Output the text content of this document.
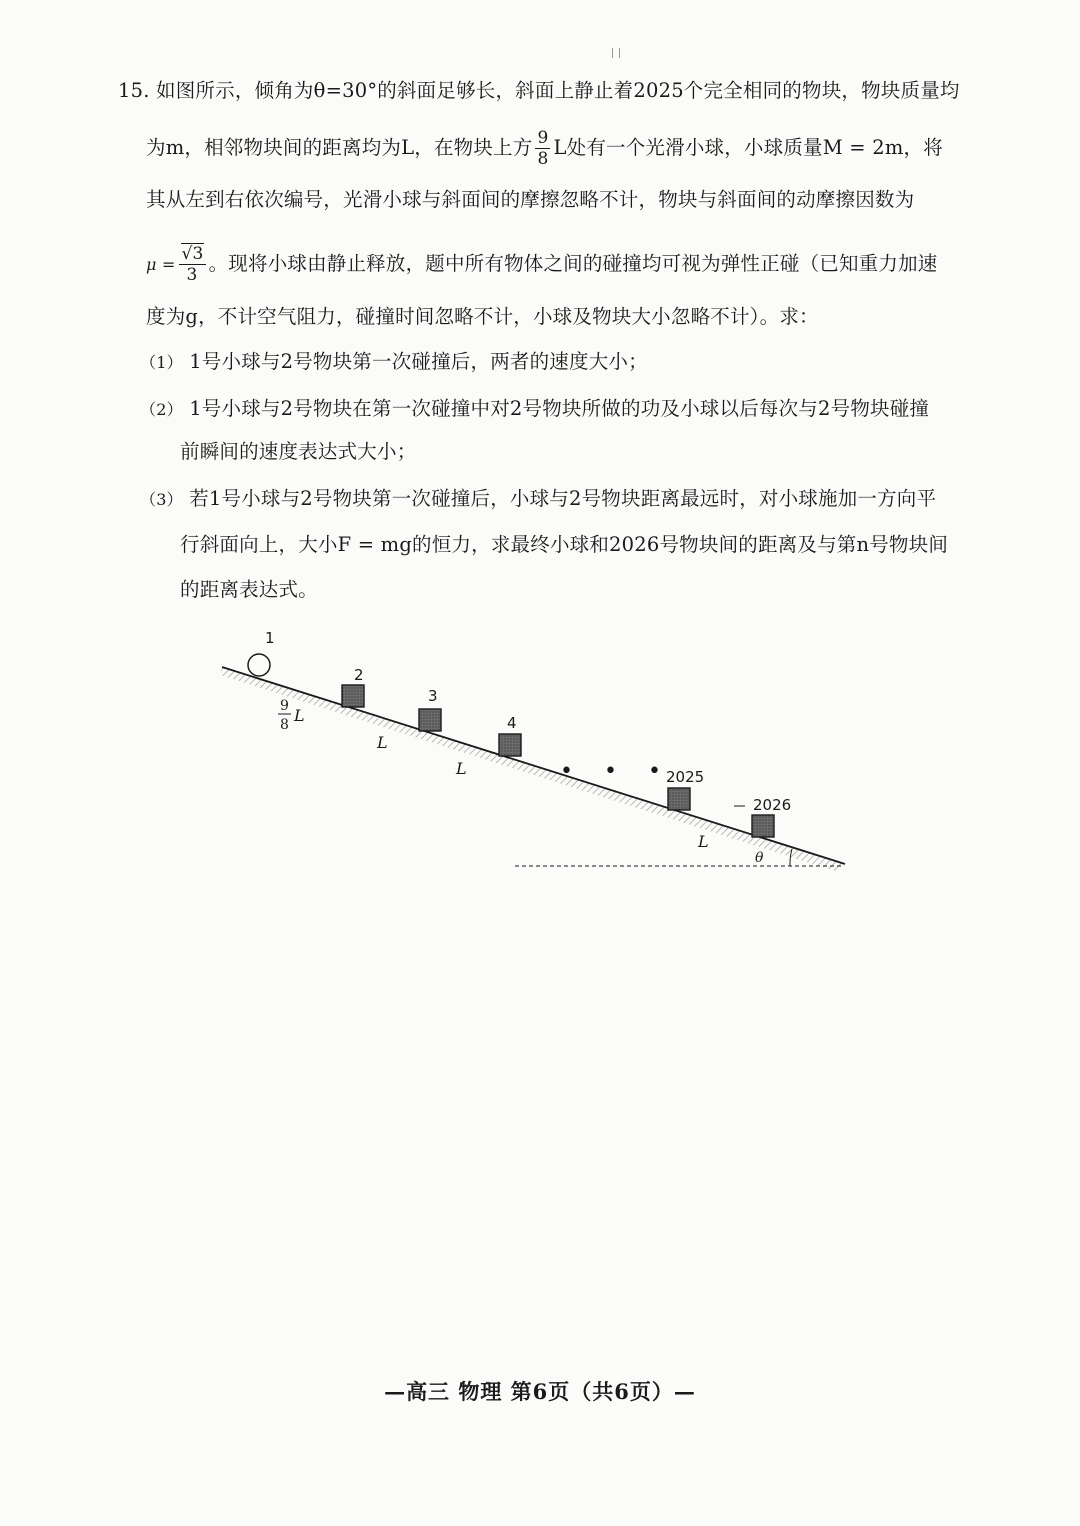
15. 如图所示，倾角为θ=30°的斜面足够长，斜面上静止着2025个完全相同的物块，物块质量均
为m，相邻物块间的距离均为L，在物块上方 $\frac{9}{8}$ L处有一个光滑小球，小球质量M = 2m，将
其从左到右依次编号，光滑小球与斜面间的摩擦忽略不计，物块与斜面间的动摩擦因数为
$\mu = \frac{√3}{3}$ 。现将小球由静止释放，题中所有物体之间的碰撞均可视为弹性正碰（已知重力加速
度为g，不计空气阻力，碰撞时间忽略不计，小球及物块大小忽略不计）。求：
（1） 1号小球与2号物块第一次碰撞后，两者的速度大小；
（2） 1号小球与2号物块在第一次碰撞中对2号物块所做的功及小球以后每次与2号物块碰撞
前瞬间的速度表达式大小；
（3） 若1号小球与2号物块第一次碰撞后，小球与2号物块距离最远时，对小球施加一方向平
行斜面向上，大小F = mg的恒力，求最终小球和2026号物块间的距离及与第n号物块间
的距离表达式。
1
2
3
4
• • •
2025
2026
9
8 L
L
L
L
θ
—高三 物理 第6页（共6页）—
